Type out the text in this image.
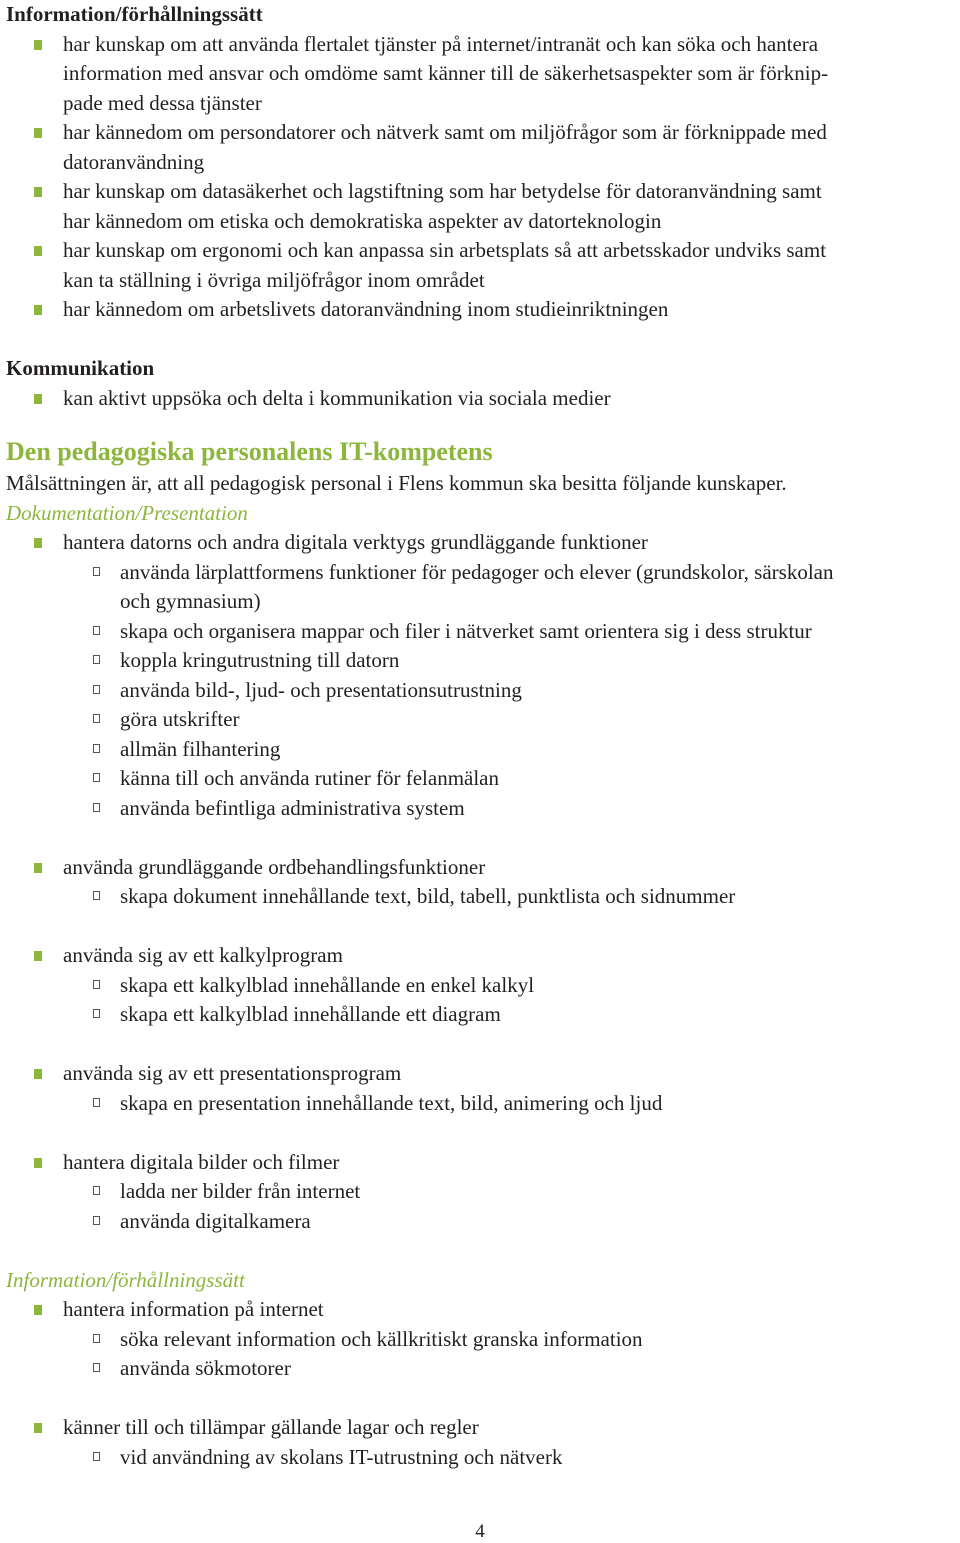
Information/förhållningssätt
har kunskap om att använda flertalet tjänster på internet/intranät och kan söka och hantera
information med ansvar och omdöme samt känner till de säkerhetsaspekter som är förknip-
pade med dessa tjänster
har kännedom om persondatorer och nätverk samt om miljöfrågor som är förknippade med
datoranvändning
har kunskap om datasäkerhet och lagstiftning som har betydelse för datoranvändning samt
har kännedom om etiska och demokratiska aspekter av datorteknologin
har kunskap om ergonomi och kan anpassa sin arbetsplats så att arbetsskador undviks samt
kan ta ställning i övriga miljöfrågor inom området
har kännedom om arbetslivets datoranvändning inom studieinriktningen
Kommunikation
kan aktivt uppsöka och delta i kommunikation via sociala medier
Den pedagogiska personalens IT-kompetens
Målsättningen är, att all pedagogisk personal i Flens kommun ska besitta följande kunskaper.
Dokumentation/Presentation
hantera datorns och andra digitala verktygs grundläggande funktioner
använda lärplattformens funktioner för pedagoger och elever (grundskolor, särskolan
och gymnasium)
skapa och organisera mappar och filer i nätverket samt orientera sig i dess struktur
koppla kringutrustning till datorn
använda bild-, ljud- och presentationsutrustning
göra utskrifter
allmän filhantering
känna till och använda rutiner för felanmälan
använda befintliga administrativa system
använda grundläggande ordbehandlingsfunktioner
skapa dokument innehållande text, bild, tabell, punktlista och sidnummer
använda sig av ett kalkylprogram
skapa ett kalkylblad innehållande en enkel kalkyl
skapa ett kalkylblad innehållande ett diagram
använda sig av ett presentationsprogram
skapa en presentation innehållande text, bild, animering och ljud
hantera digitala bilder och filmer
ladda ner bilder från internet
använda digitalkamera
Information/förhållningssätt
hantera information på internet
söka relevant information och källkritiskt granska information
använda sökmotorer
känner till och tillämpar gällande lagar och regler
vid användning av skolans IT-utrustning och nätverk
4
